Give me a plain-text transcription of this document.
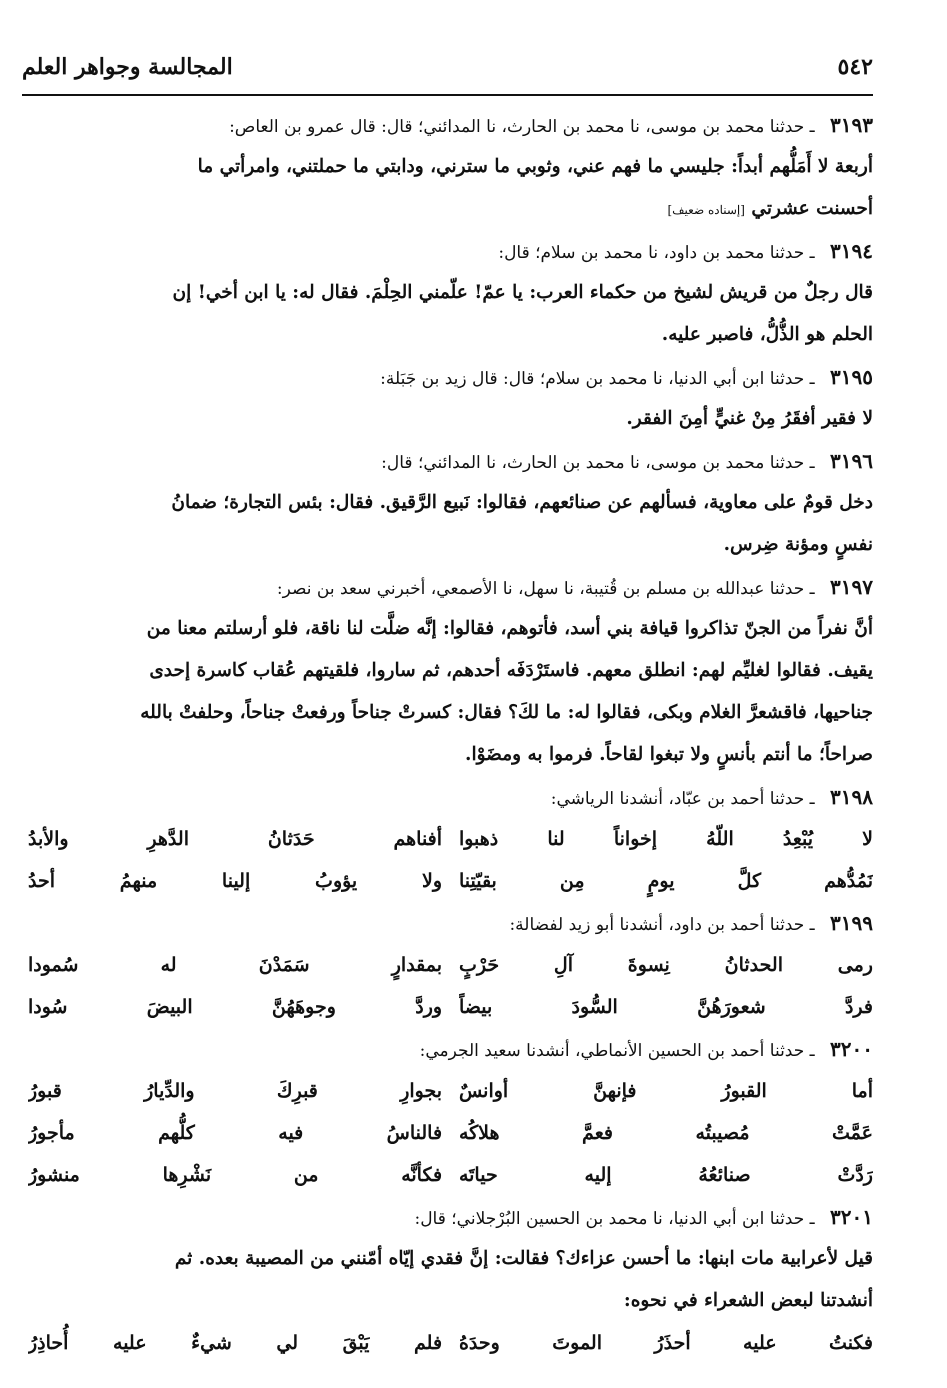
٥٤٢
المجالسة وجواهر العلم
٣١٩٣ ـ حدثنا محمد بن موسى، نا محمد بن الحارث، نا المدائني؛ قال: قال عمرو بن العاص:
أربعة لا أَمَلُّهم أبداً: جليسي ما فهم عني، وثوبي ما سترني، ودابتي ما حملتني، وامرأتي ما
أحسنت عشرتي [إسناده ضعيف]
٣١٩٤ ـ حدثنا محمد بن داود، نا محمد بن سلام؛ قال:
قال رجلٌ من قريش لشيخ من حكماء العرب: يا عمّ! علّمني الحِلْمَ. فقال له: يا ابن أخي! إن
الحلم هو الذُّلُّ، فاصبر عليه.
٣١٩٥ ـ حدثنا ابن أبي الدنيا، نا محمد بن سلام؛ قال: قال زيد بن جَبَلة:
لا فقير أفقَرُ مِنْ غنيٍّ أمِنَ الفقر.
٣١٩٦ ـ حدثنا محمد بن موسى، نا محمد بن الحارث، نا المدائني؛ قال:
دخل قومٌ على معاوية، فسألهم عن صنائعهم، فقالوا: نَبيع الرَّقيق. فقال: بئس التجارة؛ ضمانُ
نفسٍ ومؤنة ضِرس.
٣١٩٧ ـ حدثنا عبدالله بن مسلم بن قُتيبة، نا سهل، نا الأصمعي، أخبرني سعد بن نصر:
أنَّ نفراً من الجنّ تذاكروا قيافة بني أسد، فأتوهم، فقالوا: إنَّه ضلَّت لنا ناقة، فلو أرسلتم معنا من
يقيف. فقالوا لغليِّم لهم: انطلق معهم. فاستَرْدَفَه أحدهم، ثم ساروا، فلقيتهم عُقاب كاسرة إحدى
جناحيها، فاقشعرَّ الغلام وبكى، فقالوا له: ما لكَ؟ فقال: كسرتْ جناحاً ورفعتْ جناحاً، وحلفتْ بالله
صراحاً؛ ما أنتم بأنسٍ ولا تبغوا لقاحاً. فرموا به ومضَوْا.
٣١٩٨ ـ حدثنا أحمد بن عبّاد، أنشدنا الرياشي:
لا يُبْعِدُ اللّهُ إخواناً لنا ذهبوا
أفناهم حَدَثانُ الدَّهرِ والأبدُ
نَمُدُّهم كلَّ يومٍ مِن بقيّتِنا
ولا يؤوبُ إلينا منهمُ أحدُ
٣١٩٩ ـ حدثنا أحمد بن داود، أنشدنا أبو زيد لفضالة:
رمى الحدثانُ نِسوةَ آلِ حَرْبٍ
بمقدارٍ سَمَدْنَ له سُمودا
فردَّ شعورَهُنَّ السُّودَ بيضاً
وردَّ وجوهَهُنَّ البيضَ سُودا
٣٢٠٠ ـ حدثنا أحمد بن الحسين الأنماطي، أنشدنا سعيد الجرمي:
أما القبورُ فإنهنَّ أوانسٌ
بجوارِ قبرِكَ والدِّيارُ قبورُ
عَمَّتْ مُصيبتُه فعمَّ هلاكُه
فالناسُ فيه كلُّهم مأجورُ
رَدَّتْ صنائعُهُ إليه حياتَه
فكأنَّه من نَشْرِها منشورُ
٣٢٠١ ـ حدثنا ابن أبي الدنيا، نا محمد بن الحسين البُرْجلاني؛ قال:
قيل لأعرابية مات ابنها: ما أحسن عزاءك؟ فقالت: إنَّ فقدي إيّاه أمّنني من المصيبة بعده. ثم
أنشدتنا لبعض الشعراء في نحوه:
فكنتُ عليه أحذَرُ الموتَ وحدَهُ
فلم يَبْقَ لي شيءٌ عليه أُحاذِرُ
